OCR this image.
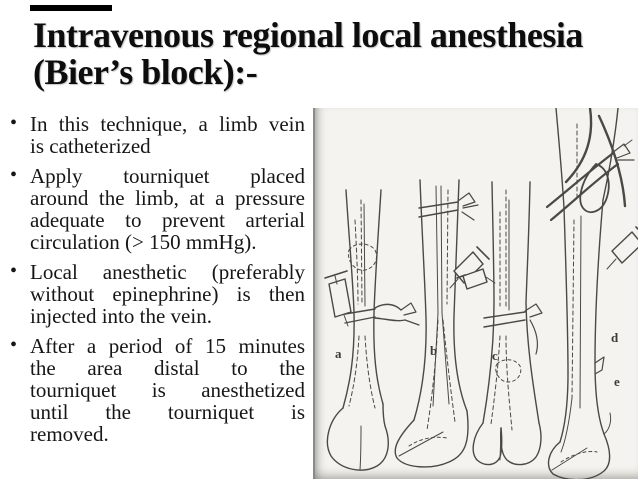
Intravenous regional local anesthesia
(Bier’s block):-
• In this technique, a limb vein
is catheterized
• Apply tourniquet placed
around the limb, at a pressure
adequate to prevent arterial
circulation (> 150 mmHg).
• Local anesthetic (preferably
without epinephrine) is then
injected into the vein.
• After a period of 15 minutes
the area distal to the
tourniquet is anesthetized
until the tourniquet is
removed.
a	b	c
d
e
